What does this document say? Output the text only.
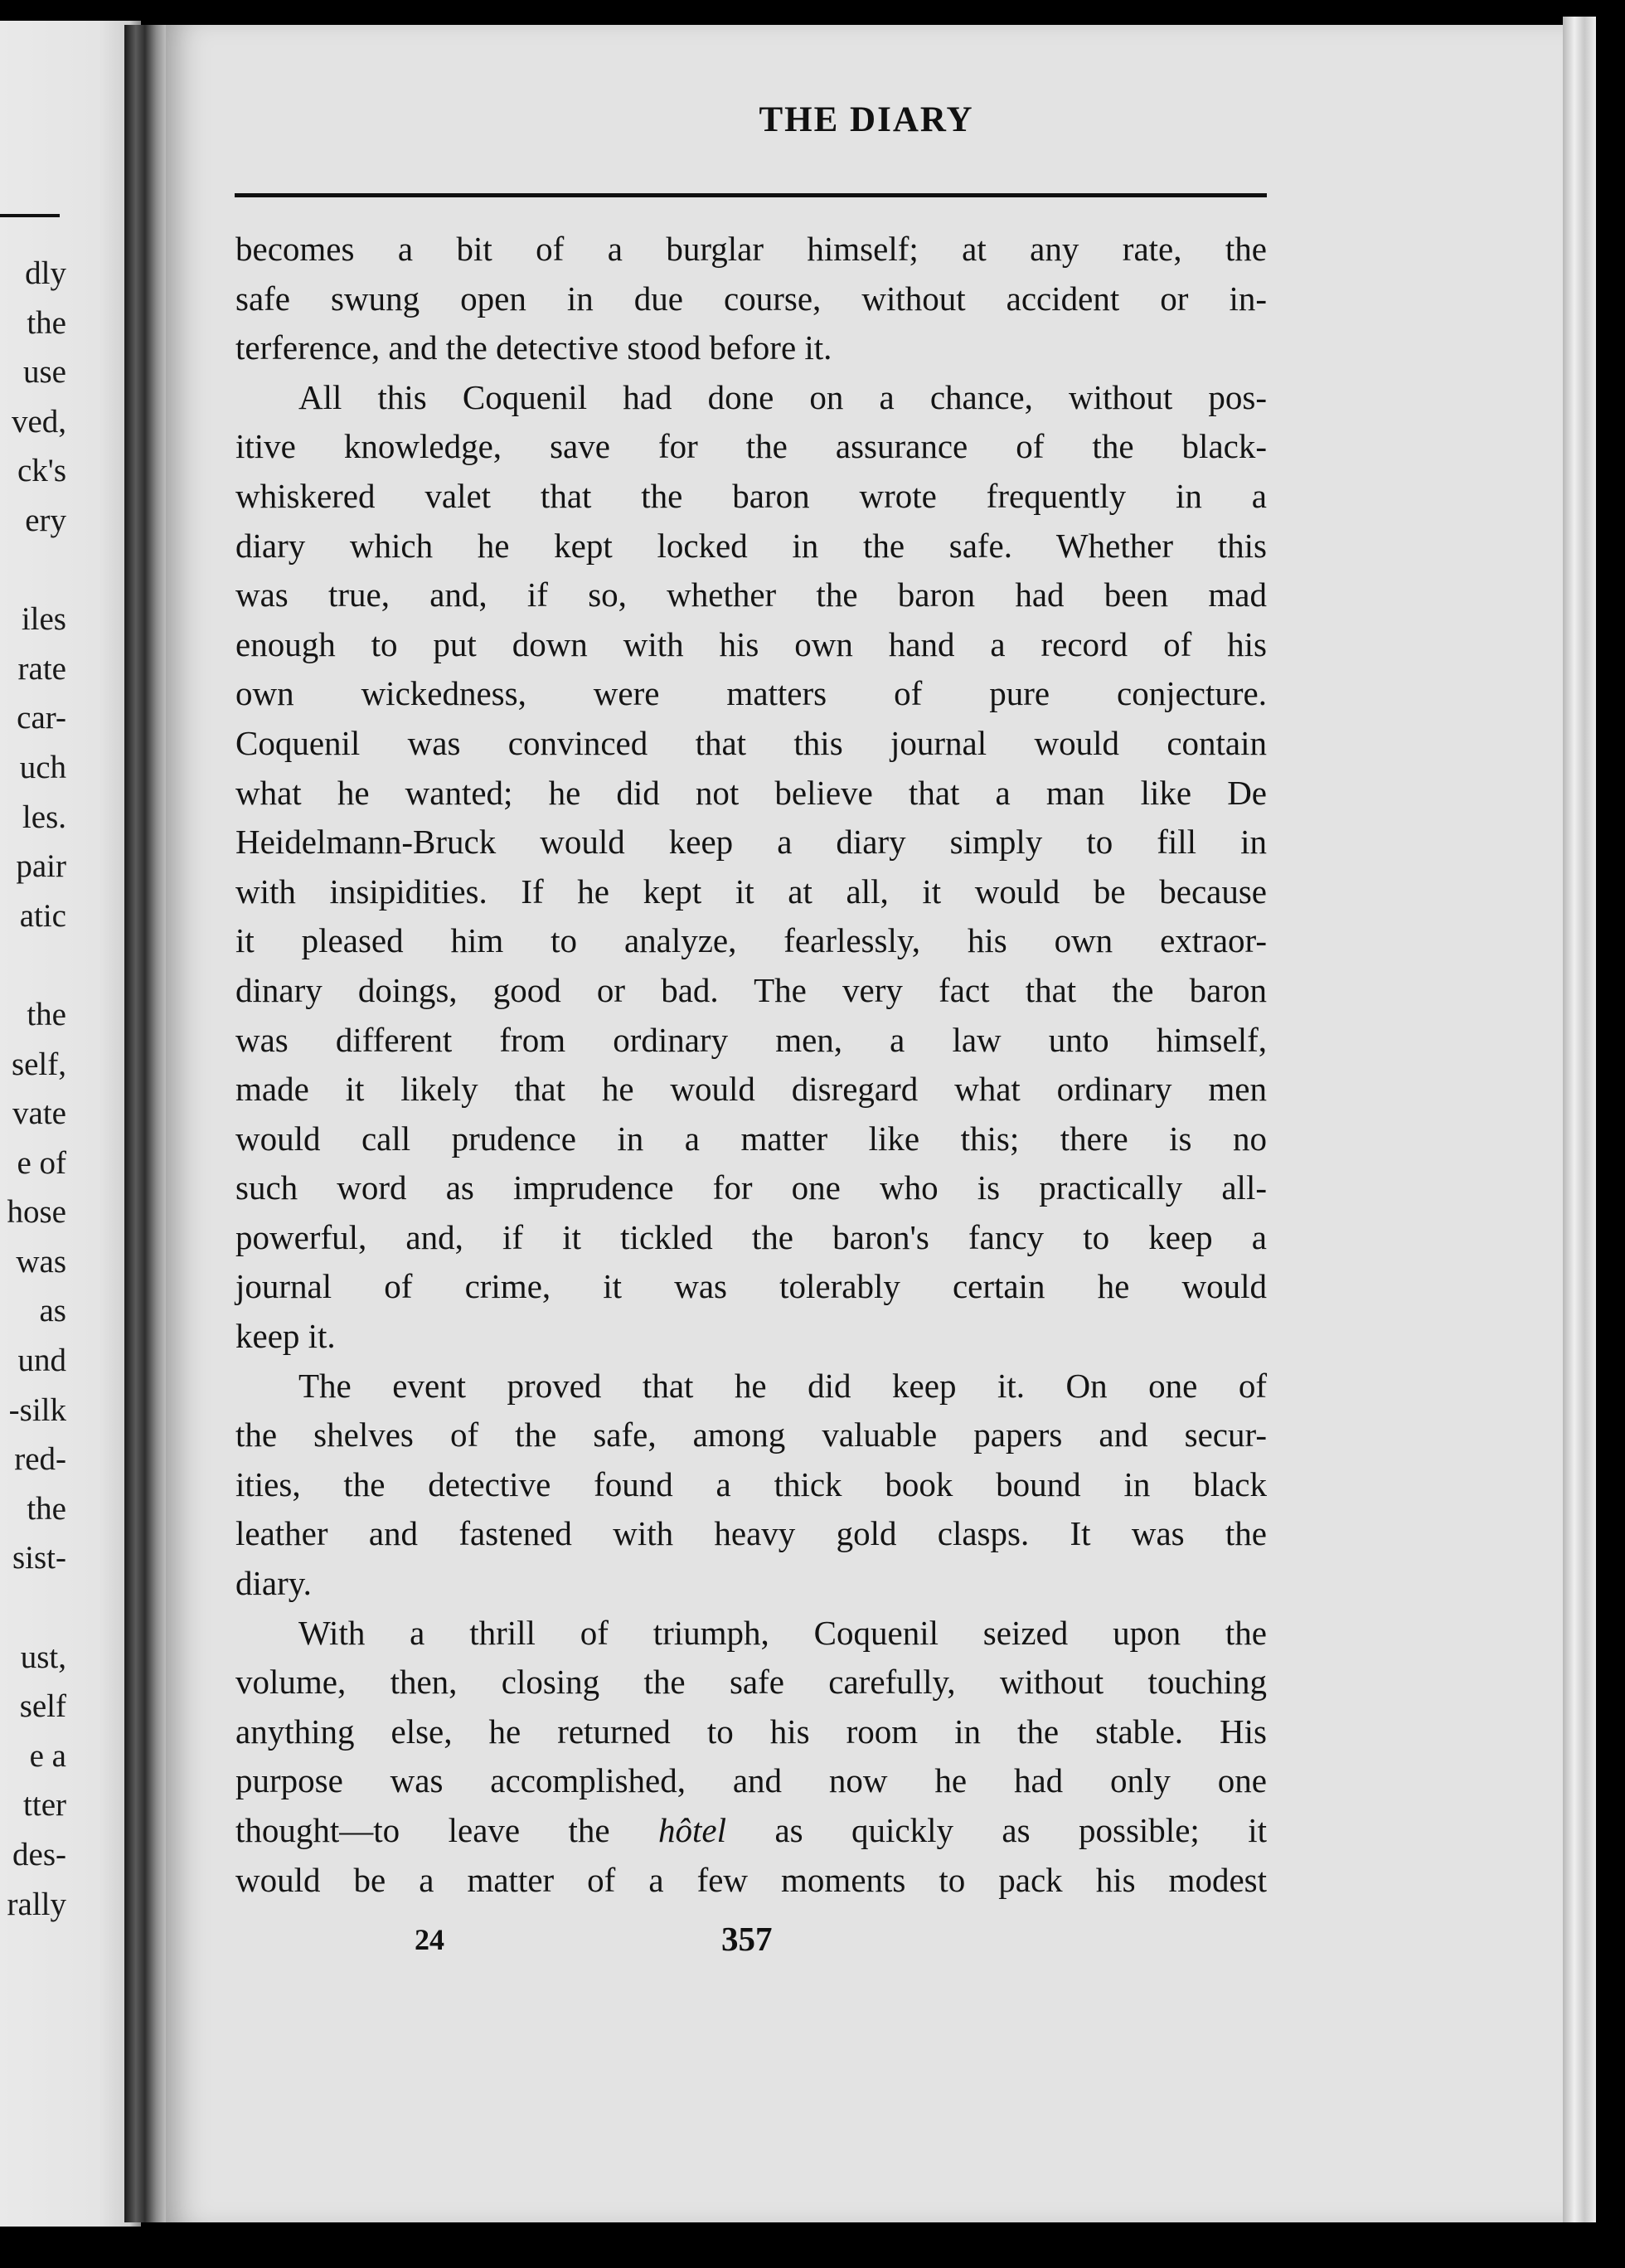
dly
the
use
ved,
ck's
ery
iles
rate
car-
uch
les.
pair
atic
the
self,
vate
e of
hose
was
as
und
-silk
red-
the
sist-
ust,
self
e a
tter
des-
rally
THE DIARY
becomes a bit of a burglar himself; at any rate, the
safe swung open in due course, without accident or in-
terference, and the detective stood before it.
All this Coquenil had done on a chance, without pos-
itive knowledge, save for the assurance of the black-
whiskered valet that the baron wrote frequently in a
diary which he kept locked in the safe. Whether this
was true, and, if so, whether the baron had been mad
enough to put down with his own hand a record of his
own wickedness, were matters of pure conjecture.
Coquenil was convinced that this journal would contain
what he wanted; he did not believe that a man like De
Heidelmann-Bruck would keep a diary simply to fill in
with insipidities. If he kept it at all, it would be because
it pleased him to analyze, fearlessly, his own extraor-
dinary doings, good or bad. The very fact that the baron
was different from ordinary men, a law unto himself,
made it likely that he would disregard what ordinary men
would call prudence in a matter like this; there is no
such word as imprudence for one who is practically all-
powerful, and, if it tickled the baron's fancy to keep a
journal of crime, it was tolerably certain he would
keep it.
The event proved that he did keep it. On one of
the shelves of the safe, among valuable papers and secur-
ities, the detective found a thick book bound in black
leather and fastened with heavy gold clasps. It was the
diary.
With a thrill of triumph, Coquenil seized upon the
volume, then, closing the safe carefully, without touching
anything else, he returned to his room in the stable. His
purpose was accomplished, and now he had only one
thought—to leave the hôtel as quickly as possible; it
would be a matter of a few moments to pack his modest
24	357
